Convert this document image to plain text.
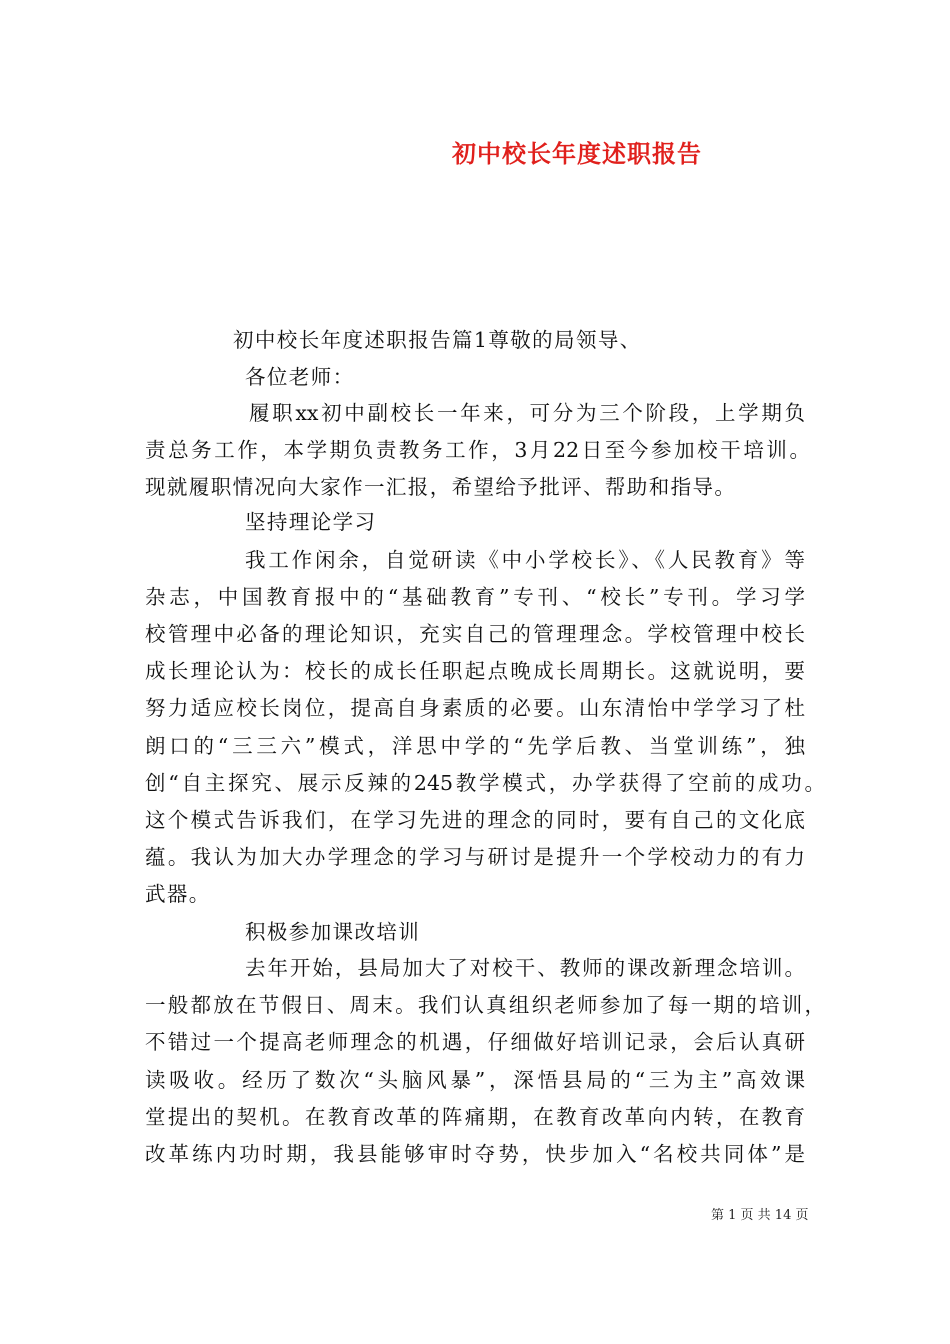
初中校长年度述职报告
初中校长年度述职报告篇1尊敬的局领导、
各位老师：
履职xx初中副校长一年来，可分为三个阶段，上学期负
责总务工作，本学期负责教务工作，3月22日至今参加校干培训。
现就履职情况向大家作一汇报，希望给予批评、帮助和指导。
坚持理论学习
我工作闲余，自觉研读《中小学校长》、《人民教育》等
杂志，中国教育报中的“基础教育”专刊、“校长”专刊。学习学
校管理中必备的理论知识，充实自己的管理理念。学校管理中校长
成长理论认为：校长的成长任职起点晚成长周期长。这就说明，要
努力适应校长岗位，提高自身素质的必要。山东清怡中学学习了杜
朗口的“三三六”模式，洋思中学的“先学后教、当堂训练”，独
创“自主探究、展示反辣的245教学模式，办学获得了空前的成功。
这个模式告诉我们，在学习先进的理念的同时，要有自己的文化底
蕴。我认为加大办学理念的学习与研讨是提升一个学校动力的有力
武器。
积极参加课改培训
去年开始，县局加大了对校干、教师的课改新理念培训。
一般都放在节假日、周末。我们认真组织老师参加了每一期的培训，
不错过一个提高老师理念的机遇，仔细做好培训记录，会后认真研
读吸收。经历了数次“头脑风暴”，深悟县局的“三为主”高效课
堂提出的契机。在教育改革的阵痛期，在教育改革向内转，在教育
改革练内功时期，我县能够审时夺势，快步加入“名校共同体”是
第 1 页 共 14 页
